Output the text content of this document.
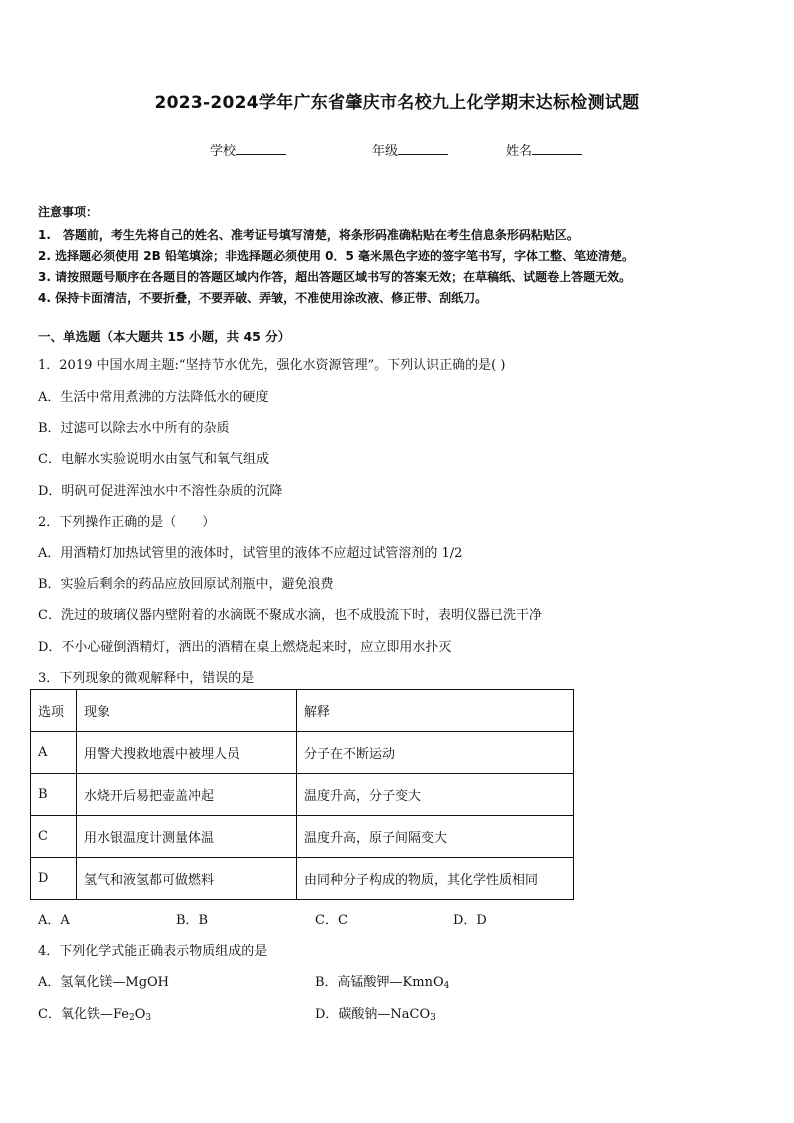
2023-2024学年广东省肇庆市名校九上化学期末达标检测试题
学校	年级	姓名
注意事项：
1.　答题前，考生先将自己的姓名、准考证号填写清楚，将条形码准确粘贴在考生信息条形码粘贴区。
2. 选择题必须使用 2B 铅笔填涂；非选择题必须使用 0．5 毫米黑色字迹的签字笔书写，字体工整、笔迹清楚。
3. 请按照题号顺序在各题目的答题区域内作答，超出答题区域书写的答案无效；在草稿纸、试题卷上答题无效。
4. 保持卡面清洁，不要折叠，不要弄破、弄皱，不准使用涂改液、修正带、刮纸刀。
一、单选题（本大题共 15 小题，共 45 分）
1．2019 中国水周主题:“坚持节水优先，强化水资源管理”。下列认识正确的是( )
A．生活中常用煮沸的方法降低水的硬度
B．过滤可以除去水中所有的杂质
C．电解水实验说明水由氢气和氧气组成
D．明矾可促进浑浊水中不溶性杂质的沉降
2．下列操作正确的是（　　）
A．用酒精灯加热试管里的液体时，试管里的液体不应超过试管溶剂的 1/2
B．实验后剩余的药品应放回原试剂瓶中，避免浪费
C．洗过的玻璃仪器内壁附着的水滴既不聚成水滴，也不成股流下时，表明仪器已洗干净
D．不小心碰倒酒精灯，洒出的酒精在桌上燃烧起来时，应立即用水扑灭
3．下列现象的微观解释中，错误的是
选项	现象	解释
A	用警犬搜救地震中被埋人员	分子在不断运动
B	水烧开后易把壶盖冲起	温度升高，分子变大
C	用水银温度计测量体温	温度升高，原子间隔变大
D	氢气和液氢都可做燃料	由同种分子构成的物质，其化学性质相同
A．A	B．B	C．C	D．D
4．下列化学式能正确表示物质组成的是
A．氢氧化镁—MgOH	B．高锰酸钾—KmnO$_4$
C．氧化铁$—Fe_2O_3$	D．碳酸钠—NaCO$_3$
